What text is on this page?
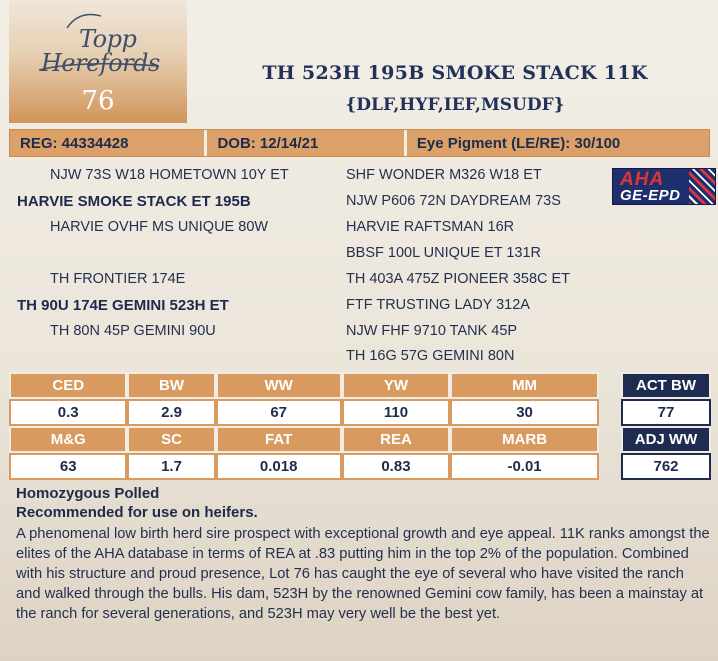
Topp
Herefords
76
TH 523H 195B SMOKE STACK 11K
{DLF,HYF,IEF,MSUDF}
REG: 44334428	DOB: 12/14/21	Eye Pigment (LE/RE): 30/100
NJW 73S W18 HOMETOWN 10Y ET
HARVIE SMOKE STACK ET 195B
HARVIE OVHF MS UNIQUE 80W
TH FRONTIER 174E
TH 90U 174E GEMINI 523H ET
TH 80N 45P GEMINI 90U
SHF WONDER M326 W18 ET
NJW P606 72N DAYDREAM 73S
HARVIE RAFTSMAN 16R
BBSF 100L UNIQUE ET 131R
TH 403A 475Z PIONEER 358C ET
FTF TRUSTING LADY 312A
NJW FHF 9710 TANK 45P
TH 16G 57G GEMINI 80N
AHA
GE-EPD
CED	BW	WW	YW	MM
0.3	2.9	67	110	30
M&G	SC	FAT	REA	MARB
63	1.7	0.018	0.83	-0.01
ACT BW
77
ADJ WW
762
Homozygous Polled
Recommended for use on heifers.
A phenomenal low birth herd sire prospect with exceptional growth and eye appeal. 11K ranks amongst the elites of the AHA database in terms of REA at .83 putting him in the top 2% of the population. Combined with his structure and proud presence, Lot 76 has caught the eye of several who have visited the ranch and walked through the bulls. His dam, 523H by the renowned Gemini cow family, has been a mainstay at the ranch for several generations, and 523H may very well be the best yet.
